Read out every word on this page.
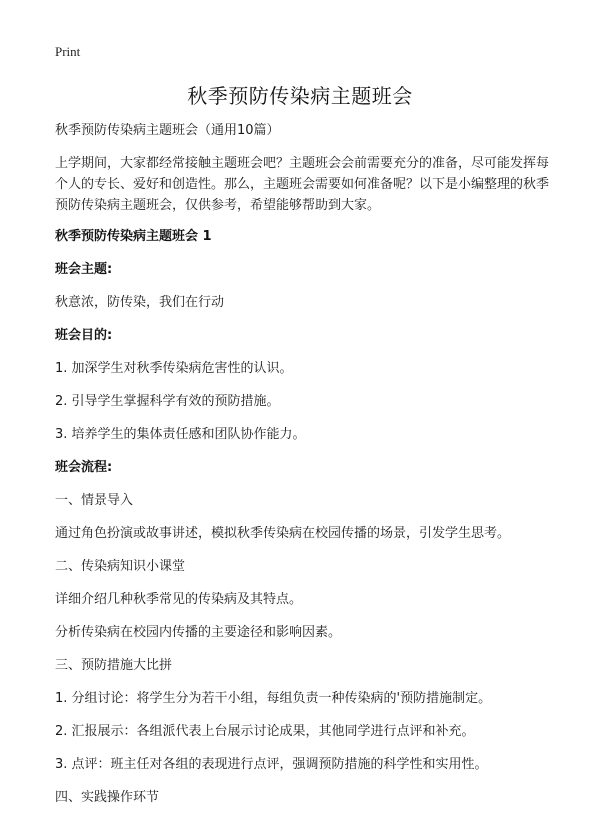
Print
秋季预防传染病主题班会

秋季预防传染病主题班会（通用10篇）

上学期间，大家都经常接触主题班会吧？主题班会会前需要充分的准备，尽可能发挥每个人的专长、爱好和创造性。那么，主题班会需要如何准备呢？以下是小编整理的秋季预防传染病主题班会，仅供参考，希望能够帮助到大家。

秋季预防传染病主题班会 1

班会主题:

秋意浓，防传染，我们在行动

班会目的:

1. 加深学生对秋季传染病危害性的认识。

2. 引导学生掌握科学有效的预防措施。

3. 培养学生的集体责任感和团队协作能力。

班会流程:

一、情景导入

通过角色扮演或故事讲述，模拟秋季传染病在校园传播的场景，引发学生思考。

二、传染病知识小课堂

详细介绍几种秋季常见的传染病及其特点。

分析传染病在校园内传播的主要途径和影响因素。

三、预防措施大比拼

1. 分组讨论：将学生分为若干小组，每组负责一种传染病的'预防措施制定。

2. 汇报展示：各组派代表上台展示讨论成果，其他同学进行点评和补充。

3. 点评：班主任对各组的表现进行点评，强调预防措施的科学性和实用性。

四、实践操作环节
